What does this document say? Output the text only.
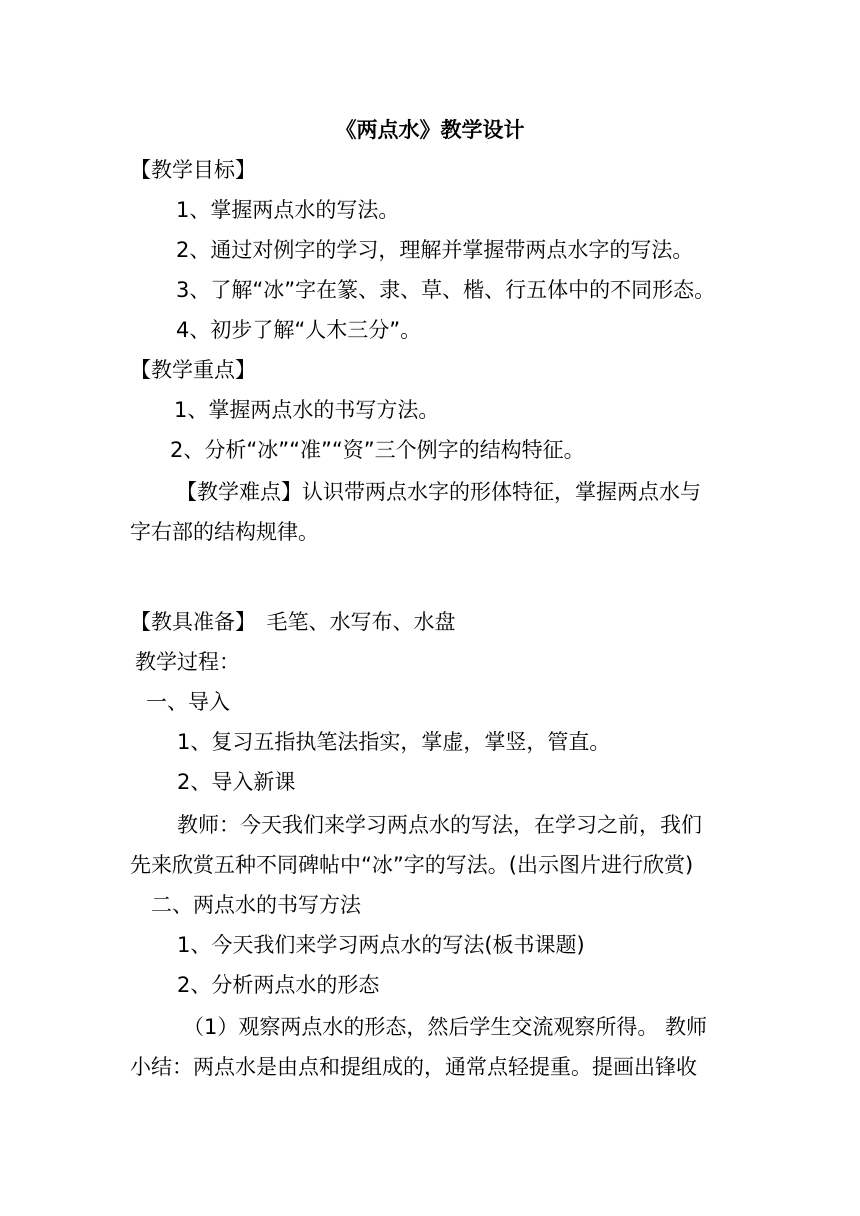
《两点水》教学设计
【教学目标】
1、掌握两点水的写法。
2、通过对例字的学习，理解并掌握带两点水字的写法。
3、了解“冰”字在篆、隶、草、楷、行五体中的不同形态。
4、初步了解“人木三分”。
【教学重点】
1、掌握两点水的书写方法。
2、分析“冰”“准”“资”三个例字的结构特征。
【教学难点】认识带两点水字的形体特征，掌握两点水与
字右部的结构规律。
【教具准备】　毛笔、水写布、水盘
教学过程：
一、导入
1、复习五指执笔法指实，掌虚，掌竖，管直。
2、导入新课
教师：今天我们来学习两点水的写法，在学习之前，我们
先来欣赏五种不同碑帖中“冰”字的写法。(出示图片进行欣赏)
二、两点水的书写方法
1、今天我们来学习两点水的写法(板书课题)
2、分析两点水的形态
（1）观察两点水的形态，然后学生交流观察所得。 教师
小结：两点水是由点和提组成的，通常点轻提重。提画出锋收
